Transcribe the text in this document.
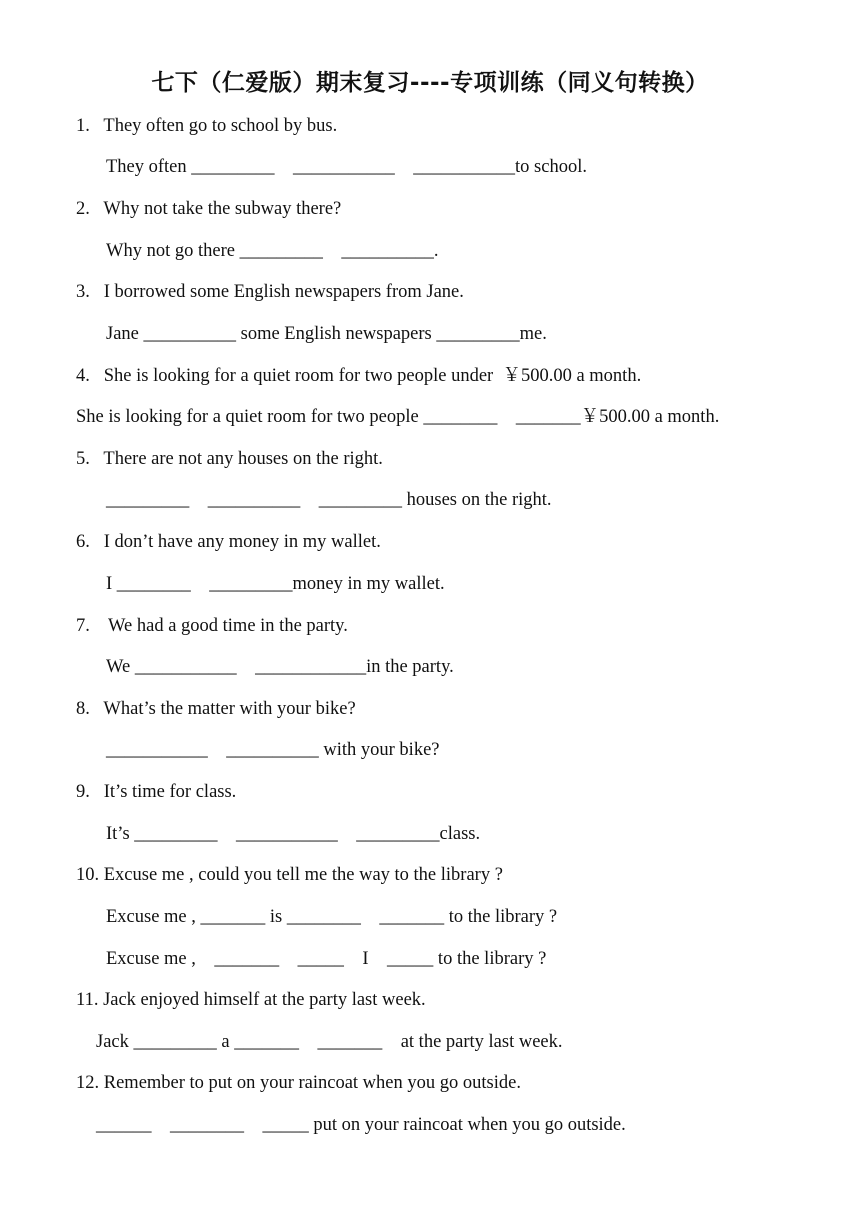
七下（仁爱版）期末复习----专项训练（同义句转换）
1.   They often go to school by bus.
They often _________    ___________    ___________to school.
2.   Why not take the subway there?
Why not go there _________    __________.
3.   I borrowed some English newspapers from Jane.
Jane __________ some English newspapers _________me.
4.   She is looking for a quiet room for two people under  ￥500.00 a month.
She is looking for a quiet room for two people ________    _______￥500.00 a month.
5.   There are not any houses on the right.
_________    __________    _________ houses on the right.
6.   I don’t have any money in my wallet.
I ________    _________money in my wallet.
7.    We had a good time in the party.
We ___________    ____________in the party.
8.   What’s the matter with your bike?
___________    __________ with your bike?
9.   It’s time for class.
It’s _________    ___________    _________class.
10. Excuse me , could you tell me the way to the library ?
Excuse me , _______ is ________    _______ to the library ?
Excuse me ,    _______    _____    I    _____ to the library ?
11. Jack enjoyed himself at the party last week.
Jack _________ a _______    _______    at the party last week.
12. Remember to put on your raincoat when you go outside.
______    ________    _____ put on your raincoat when you go outside.
